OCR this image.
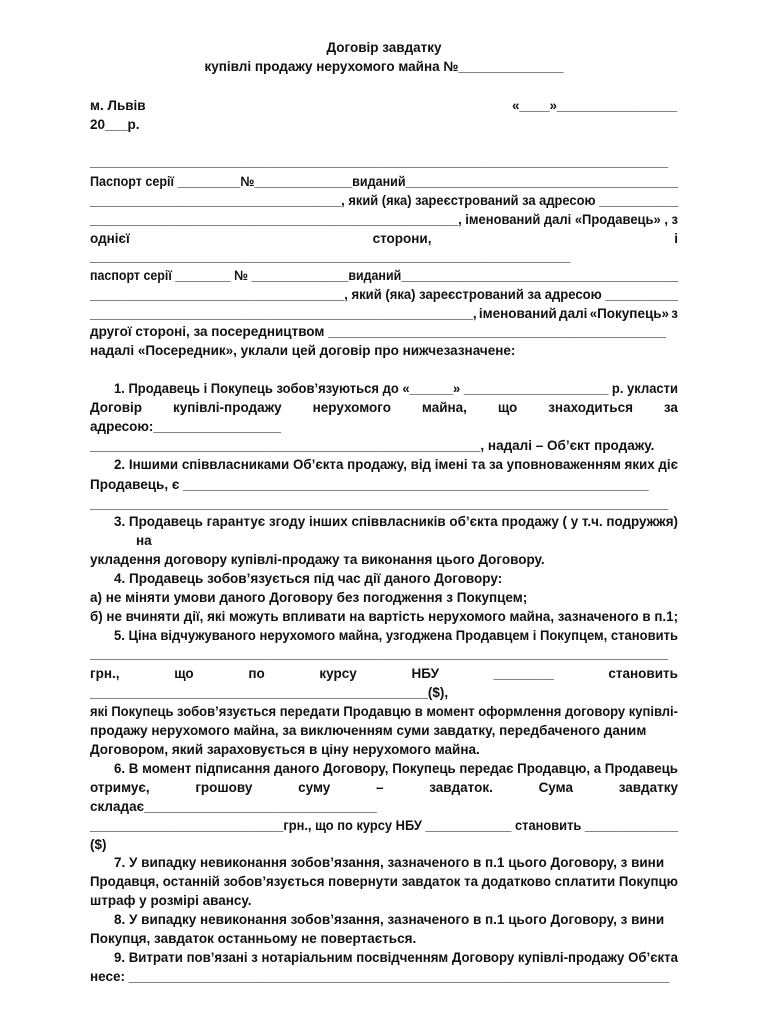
Договір завдатку
купівлі продажу нерухомого майна №______________
м. Львів	«____»________________
20___р.
_____________________________________________________________________________
Паспорт серії _________№______________виданий_______________________________________
___________________________________, який (яка) зареєстрований за адресою ___________
___________________________________________________, іменований далі «Продавець» , з
однієї	сторони,	і
________________________________________________________________
паспорт серії ________ № ______________виданий________________________________________
___________________________________, який (яка) зареєстрований за адресою __________
___________________________________________________, іменований далі «Покупець» з
другої стороні, за посередництвом _____________________________________________
надалі «Посередник», уклали цей договір про нижчезазначене:
1. Продавець і Покупець зобов’язуються до «______» ____________________ р. укласти
Договір купівлі-продажу нерухомого майна, що знаходиться за
адресою:_________________
____________________________________________________, надалі – Об’єкт продажу.
2. Іншими співвласниками Об’єкта продажу, від імені та за уповноваженням яких діє
Продавець, є ______________________________________________________________
_____________________________________________________________________________
3. Продавець гарантує згоду інших співвласників об’єкта продажу ( у т.ч. подружжя)
на
укладення договору купівлі-продажу та виконання цього Договору.
4. Продавець зобов’язується під час дії даного Договору:
а) не міняти умови даного Договору без погодження з Покупцем;
б) не вчиняти дії, які можуть впливати на вартість нерухомого майна, зазначеного в п.1;
5. Ціна відчужуваного нерухомого майна, узгоджена Продавцем і Покупцем, становить
_____________________________________________________________________________
грн.,	що	по	курсу	НБУ	________	становить
_____________________________________________($),
які Покупець зобов’язується передати Продавцю в момент оформлення договору купівлі-
продажу нерухомого майна, за виключенням суми завдатку, передбаченого даним
Договором, який зараховується в ціну нерухомого майна.
6. В момент підписання даного Договору, Покупець передає Продавцю, а Продавець
отримує,	грошову	суму	–	завдаток.	Сума	завдатку
складає_______________________________
___________________________грн., що по курсу НБУ ____________ становить _____________
($)
7. У випадку невиконання зобов’язання, зазначеного в п.1 цього Договору, з вини
Продавця, останній зобов’язується повернути завдаток та додатково сплатити Покупцю
штраф у розмірі авансу.
8. У випадку невиконання зобов’язання, зазначеного в п.1 цього Договору, з вини
Покупця, завдаток останньому не повертається.
9. Витрати пов’язані з нотаріальним посвідченням Договору купівлі-продажу Об’єкта
несе: ________________________________________________________________________
